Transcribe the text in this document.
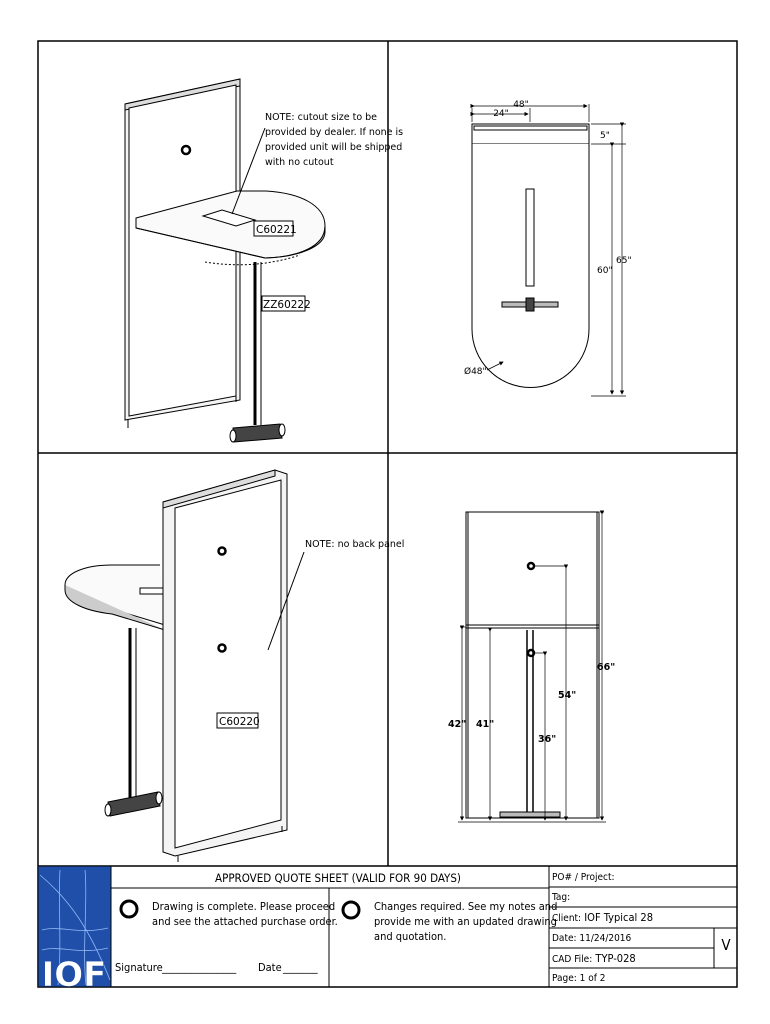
NOTE: cutout size to be
provided by dealer. If none is
provided unit will be shipped
with no cutout
C60221
ZZ60222
48"
24"
5"
65"
60"
Ø48"
NOTE: no back panel
C60220
66"
54"
36"
42" 41"
IOF
APPROVED QUOTE SHEET (VALID FOR 90 DAYS)
Drawing is complete. Please proceed
and see the attached purchase order.
Changes required. See my notes and
provide me with an updated drawing
and quotation.
Signature _______________ Date _______
PO# / Project:
Tag:
Client: IOF Typical 28
Date: 11/24/2016
CAD File: TYP-028
Page: 1 of 2
V
